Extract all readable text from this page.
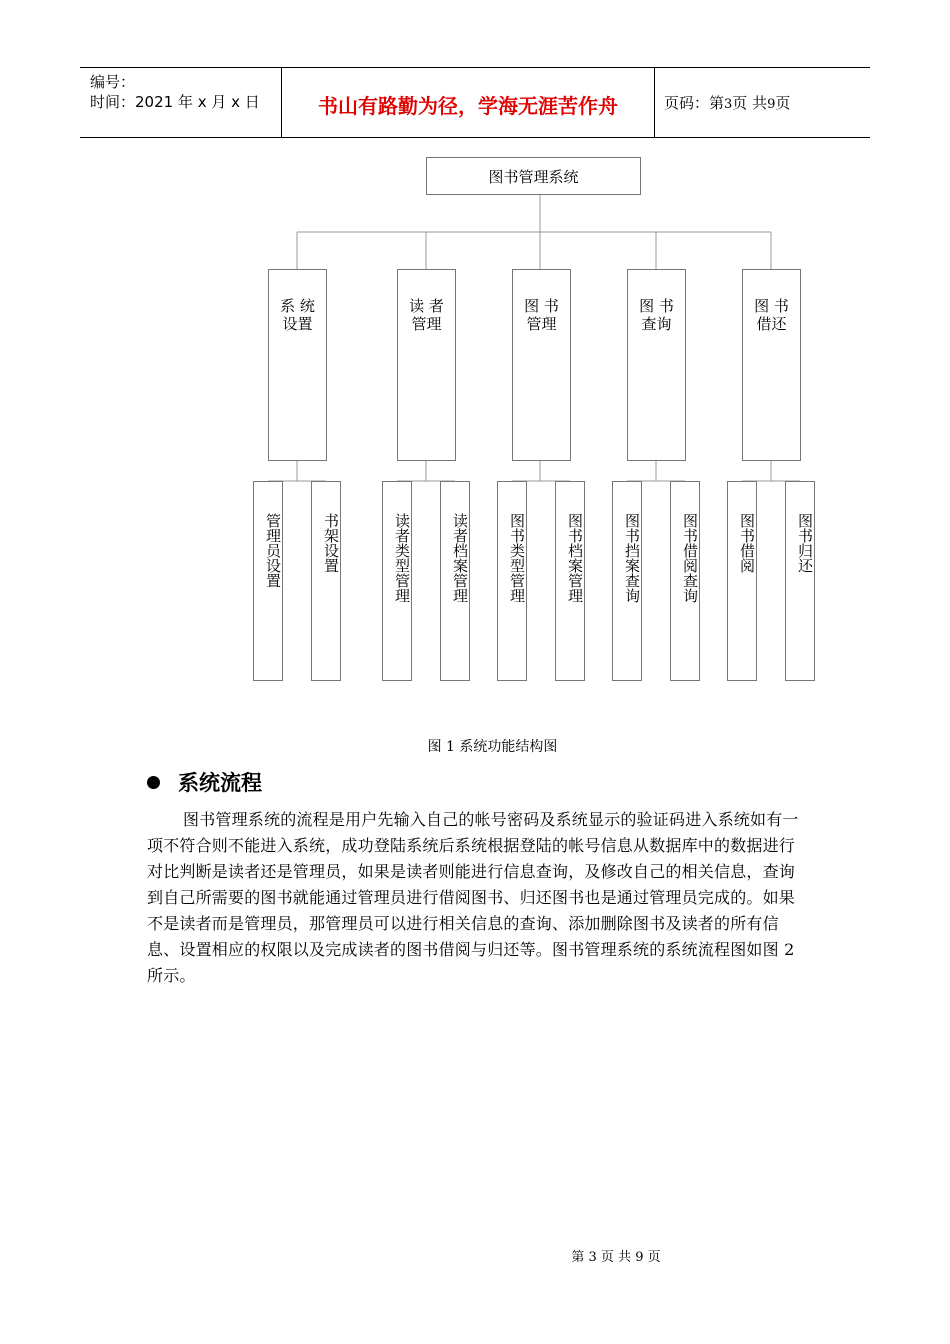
编号：
时间：2021 年 x 月 x 日	书山有路勤为径，学海无涯苦作舟	页码：第3页 共9页
图书管理系统
系 统
设置
读 者
管理
图 书
管理
图 书
查询
图 书
借还
管理员设置	书架设置	读者类型管理	读者档案管理	图书类型管理	图书档案管理	图书挡案查询	图书借阅查询	图书借阅	图书归还
图 1 系统功能结构图
系统流程
图书管理系统的流程是用户先输入自己的帐号密码及系统显示的验证码进入系统如有一项不符合则不能进入系统，成功登陆系统后系统根据登陆的帐号信息从数据库中的数据进行对比判断是读者还是管理员，如果是读者则能进行信息查询，及修改自己的相关信息，查询到自己所需要的图书就能通过管理员进行借阅图书、归还图书也是通过管理员完成的。如果不是读者而是管理员，那管理员可以进行相关信息的查询、添加删除图书及读者的所有信息、设置相应的权限以及完成读者的图书借阅与归还等。图书管理系统的系统流程图如图 2 所示。
第 3 页 共 9 页
